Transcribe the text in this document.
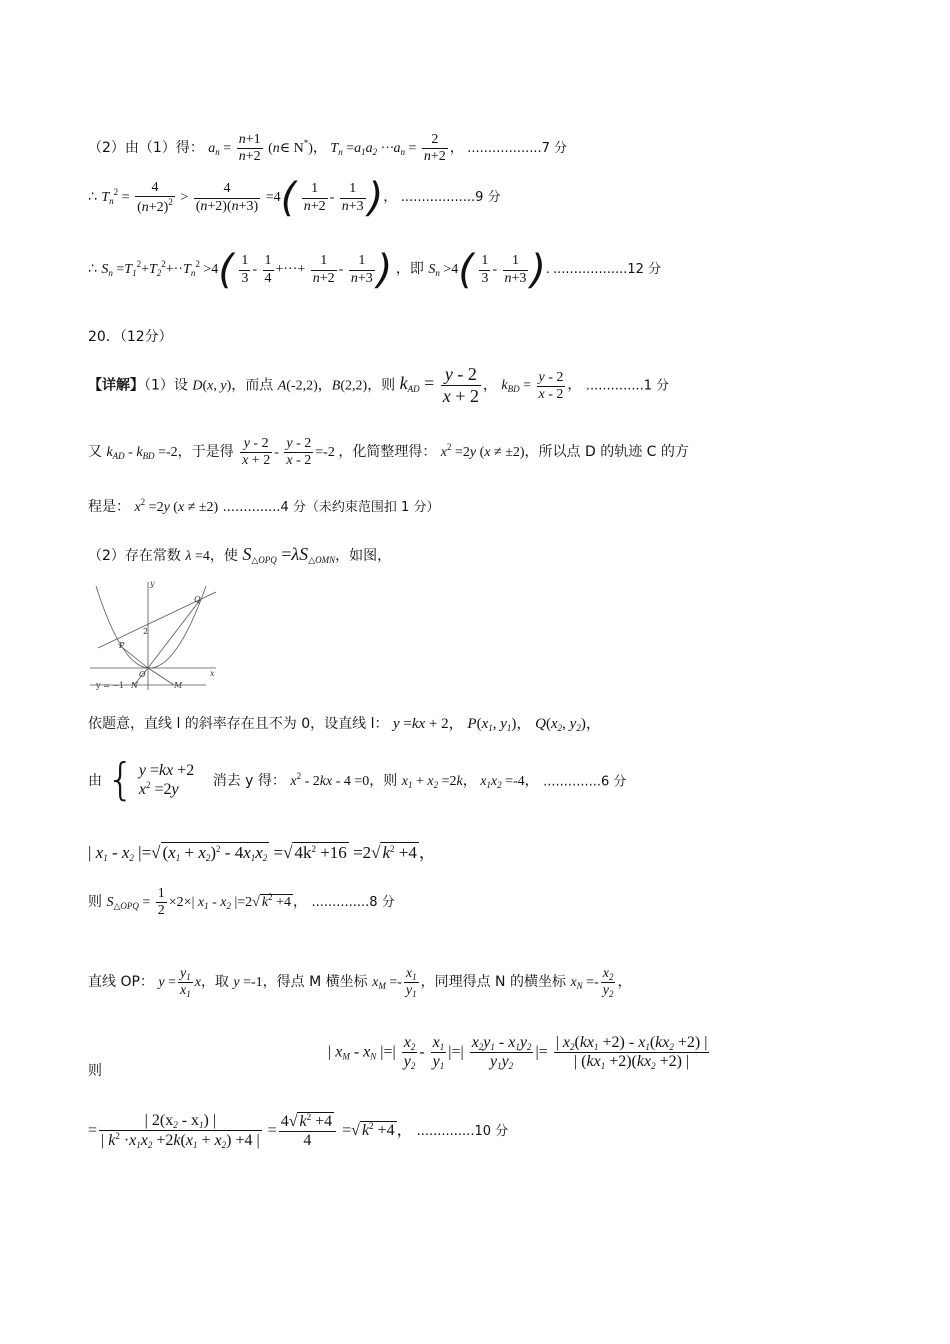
（2）由（1）得： $a_n = \frac{n+1}{n+2}$ (n∈ N*)， $T_n =a_1a_2 \cdot\cdot\cdot a_n = \frac{2}{n+2}$ ， ..................7 分
∴ $T_n^2 = \frac{4}{(n+2)^2} > \frac{4}{(n+2)(n+3)} =4( \frac{1}{n+2} - \frac{1}{n+3}$ )， ..................9 分
∴ $S_n =T_1^2+T_2^2+\cdot\cdot T_n^2 >4( \frac{1}{3} - \frac{1}{4}$ +···+ $\frac{1}{n+2} - \frac{1}{n+3}$ ) ，即 $S_n >4( \frac{1}{3} - \frac{1}{n+3}$ ). ..................12 分
20．（12分）
【详解】（1）设 D(x, y)，而点 A(-2,2)，B(2,2)，则 $k_{AD} = \frac{y - 2}{x + 2}$ ， $k_{BD} = \frac{y - 2}{x - 2}$ ， ..............1 分
又 $k_{AD} - k_{BD} =-2$，于是得 $\frac{y - 2}{x + 2} - \frac{y - 2}{x - 2} =-2$ ，化简整理得： $x^2 =2y$ (x ≠ ±2)，所以点 D 的轨迹 C 的方
程是： $x^2 =2y$ (x ≠ ±2) ..............4 分（未约束范围扣 1 分）
（2）存在常数 λ =4，使 $S_{\triangle OPQ} =\lambda S_{\triangle OMN}$，如图，
y
x
O
P
Q
M
N
2
y = −1
依题意，直线 l 的斜率存在且不为 0，设直线 l： y =kx + 2， $P(x_1$, $y_1$)， $Q(x_2$, $y_2$)，
由 { y =kx +2
$x^2 =2y$	消去 y 得： $x^2 - 2kx - 4 =0$，则 $x_1 + x_2 =2k$， $x_1x_2 =-4$， ..............6 分
| $x_1 - x_2$ |=√ $(x_1 + x_2)^2 - 4x_1x_2$ =√ $4k^2 +16 =2√$ $k^2 +4$ ，
则 $S_{\triangle OPQ} = \frac{1}{2} \times 2\times|$ $x_1 - x_2$ |=2√ $k^2 +4$ ， ..............8 分
直线 OP： $y = \frac{y_1}{x_1}$ x，取 y =-1，得点 M 横坐标 $x_M =- \frac{x_1}{y_1}$ ，同理得点 N 的横坐标 $x_N =- \frac{x_2}{y_2}$ ，
则
| $x_M - x_N$ |=| $\frac{x_2}{y_2} - \frac{x_1}{y_1}$ |=| $\frac{x_2y_1 - x_1y_2}{y_1y_2}$ |= $\frac{| x_2(kx_1 +2) - x_1(kx_2 +2) |}{| (kx_1 +2)(kx_2 +2) |}$
= $\frac{| 2(x_2 - x_1) |}{| k^2 \cdot x_1x_2 +2k(x_1 + x_2) +4 |} = \frac{4√ k^2 +4}{4}$ =√ $k^2 +4$ ， ..............10 分
